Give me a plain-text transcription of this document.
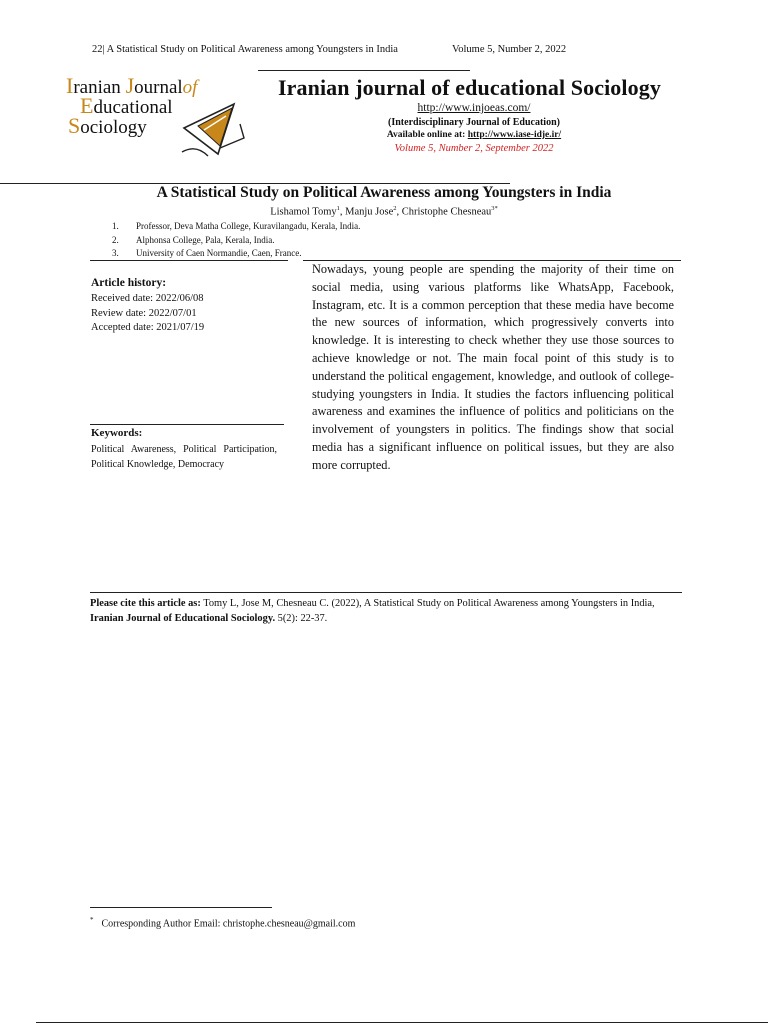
22| A Statistical Study on Political Awareness among Youngsters in India	Volume 5, Number 2, 2022
Iranian Journalof
Educational
Sociology
Iranian journal of educational Sociology
http://www.injoeas.com/
(Interdisciplinary Journal of Education)
Available online at: http://www.iase-idje.ir/
Volume 5, Number 2, September 2022
A Statistical Study on Political Awareness among Youngsters in India
Lishamol Tomy$^1$, Manju Jose$^2$, Christophe Chesneau$^{3*}$
1. Professor, Deva Matha College, Kuravilangadu, Kerala, India.
2. Alphonsa College, Pala, Kerala, India.
3. University of Caen Normandie, Caen, France.
Article history:
Received date: 2022/06/08
Review date: 2022/07/01
Accepted date: 2021/07/19
Keywords:
Political Awareness, Political Participation, Political Knowledge, Democracy
Nowadays, young people are spending the majority of their time on social media, using various platforms like WhatsApp, Facebook, Instagram, etc. It is a common perception that these media have become the new sources of information, which progressively converts into knowledge. It is interesting to check whether they use those sources to achieve knowledge or not. The main focal point of this study is to understand the political engagement, knowledge, and outlook of college-studying youngsters in India. It studies the factors influencing political awareness and examines the influence of politics and politicians on the involvement of youngsters in politics. The findings show that social media has a significant influence on political issues, but they are also more corrupted.
Please cite this article as: Tomy L, Jose M, Chesneau C. (2022), A Statistical Study on Political Awareness among Youngsters in India, Iranian Journal of Educational Sociology. 5(2): 22-37.
* Corresponding Author Email: christophe.chesneau@gmail.com
